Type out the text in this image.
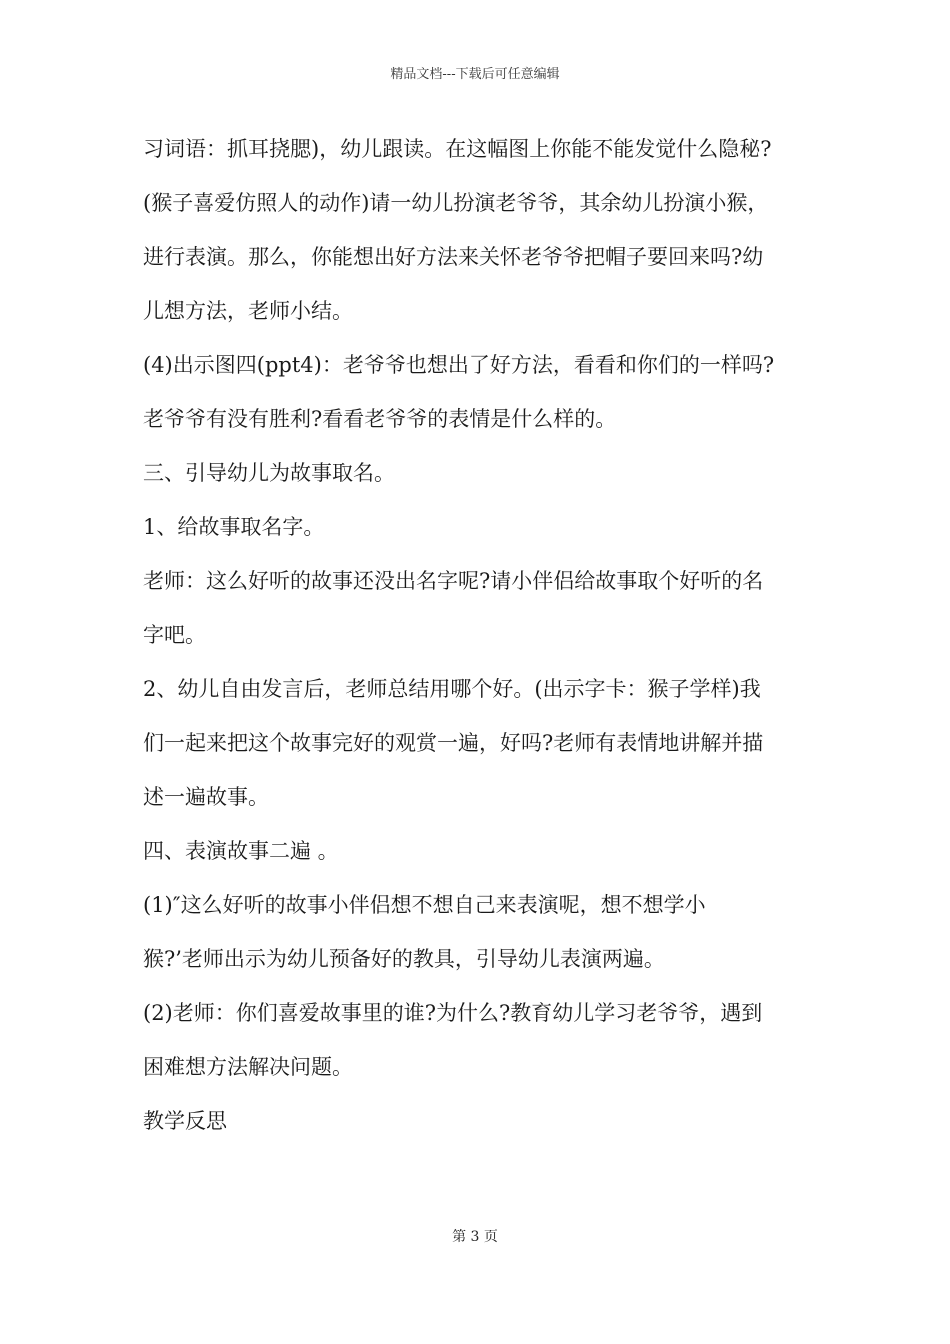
精品文档---下载后可任意编辑

习词语：抓耳挠腮)，幼儿跟读。在这幅图上你能不能发觉什么隐秘?

(猴子喜爱仿照人的动作)请一幼儿扮演老爷爷，其余幼儿扮演小猴，

进行表演。那么，你能想出好方法来关怀老爷爷把帽子要回来吗?幼

儿想方法，老师小结。

(4)出示图四(ppt4)：老爷爷也想出了好方法，看看和你们的一样吗?

老爷爷有没有胜利?看看老爷爷的表情是什么样的。

三、引导幼儿为故事取名。

1、给故事取名字。

老师：这么好听的故事还没出名字呢?请小伴侣给故事取个好听的名

字吧。

2、幼儿自由发言后，老师总结用哪个好。(出示字卡：猴子学样)我

们一起来把这个故事完好的观赏一遍，好吗?老师有表情地讲解并描

述一遍故事。

四、表演故事二遍 。

(1)″这么好听的故事小伴侣想不想自己来表演呢，想不想学小

猴?’老师出示为幼儿预备好的教具，引导幼儿表演两遍。

(2)老师：你们喜爱故事里的谁?为什么?教育幼儿学习老爷爷，遇到

困难想方法解决问题。

教学反思

第 3 页
